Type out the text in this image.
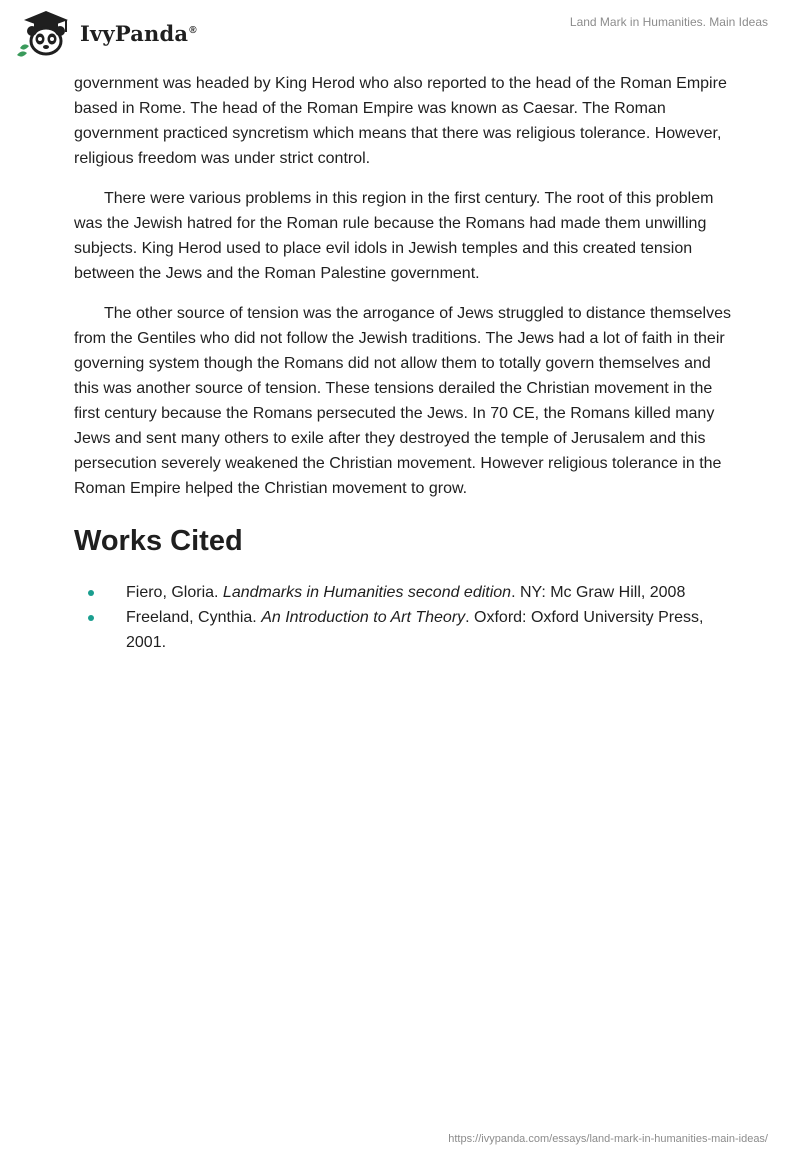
IvyPanda®
Land Mark in Humanities. Main Ideas

government was headed by King Herod who also reported to the head of the Roman Empire based in Rome. The head of the Roman Empire was known as Caesar. The Roman government practiced syncretism which means that there was religious tolerance. However, religious freedom was under strict control.

There were various problems in this region in the first century. The root of this problem was the Jewish hatred for the Roman rule because the Romans had made them unwilling subjects. King Herod used to place evil idols in Jewish temples and this created tension between the Jews and the Roman Palestine government.

The other source of tension was the arrogance of Jews struggled to distance themselves from the Gentiles who did not follow the Jewish traditions. The Jews had a lot of faith in their governing system though the Romans did not allow them to totally govern themselves and this was another source of tension. These tensions derailed the Christian movement in the first century because the Romans persecuted the Jews. In 70 CE, the Romans killed many Jews and sent many others to exile after they destroyed the temple of Jerusalem and this persecution severely weakened the Christian movement. However religious tolerance in the Roman Empire helped the Christian movement to grow.

Works Cited
Fiero, Gloria. Landmarks in Humanities second edition. NY: Mc Graw Hill, 2008
Freeland, Cynthia. An Introduction to Art Theory. Oxford: Oxford University Press, 2001.
https://ivypanda.com/essays/land-mark-in-humanities-main-ideas/
